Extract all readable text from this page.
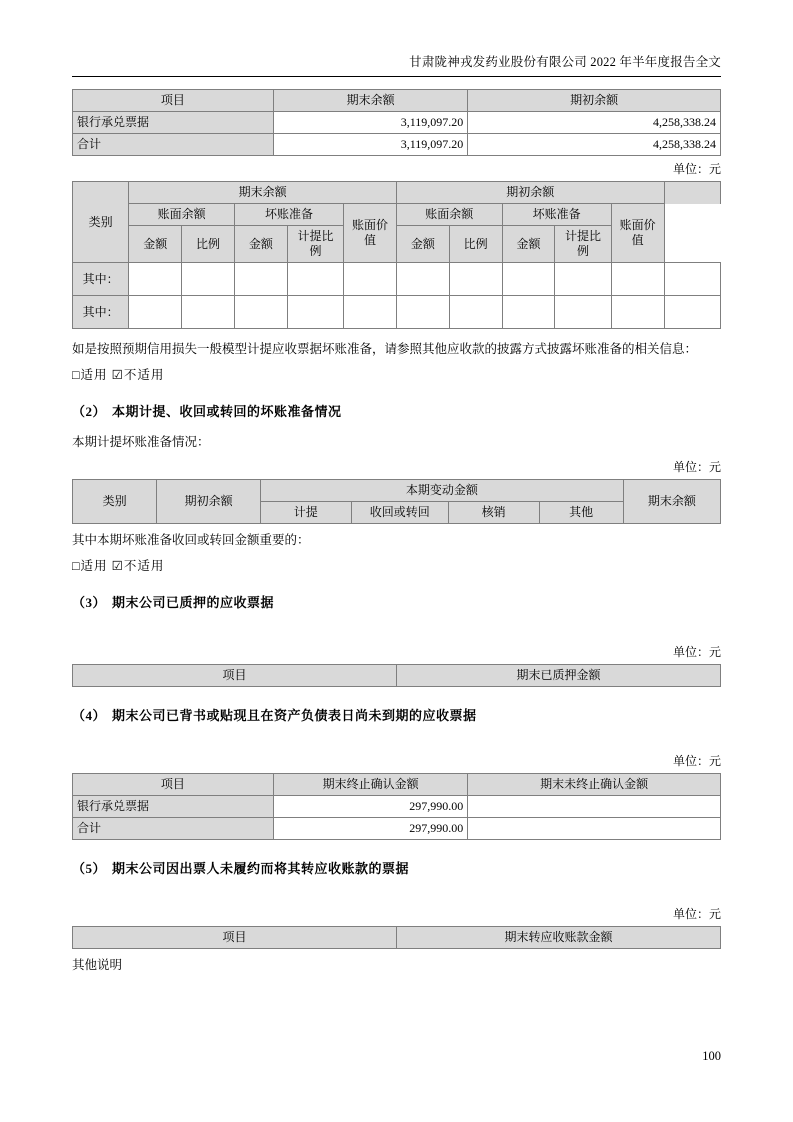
甘肃陇神戎发药业股份有限公司 2022 年半年度报告全文
项目	期末余额	期初余额
银行承兑票据	3,119,097.20	4,258,338.24
合计	3,119,097.20	4,258,338.24
单位：元
类别	期末余额					期初余额					
	账面余额		坏账准备		账面价值	账面余额		坏账准备		账面价值	
	金额	比例	金额	计提比例		金额	比例	金额	计提比例		
其中：											
其中：											
如是按照预期信用损失一般模型计提应收票据坏账准备，请参照其他应收款的披露方式披露坏账准备的相关信息：
□适用 ☑不适用
（2） 本期计提、收回或转回的坏账准备情况
本期计提坏账准备情况：
单位：元
类别	期初余额	本期变动金额				期末余额
		计提	收回或转回	核销	其他	
其中本期坏账准备收回或转回金额重要的：
□适用 ☑不适用
（3） 期末公司已质押的应收票据
单位：元
项目	期末已质押金额
（4） 期末公司已背书或贴现且在资产负债表日尚未到期的应收票据
单位：元
项目	期末终止确认金额	期末未终止确认金额
银行承兑票据	297,990.00	
合计	297,990.00	
（5） 期末公司因出票人未履约而将其转应收账款的票据
单位：元
项目	期末转应收账款金额
其他说明
100
